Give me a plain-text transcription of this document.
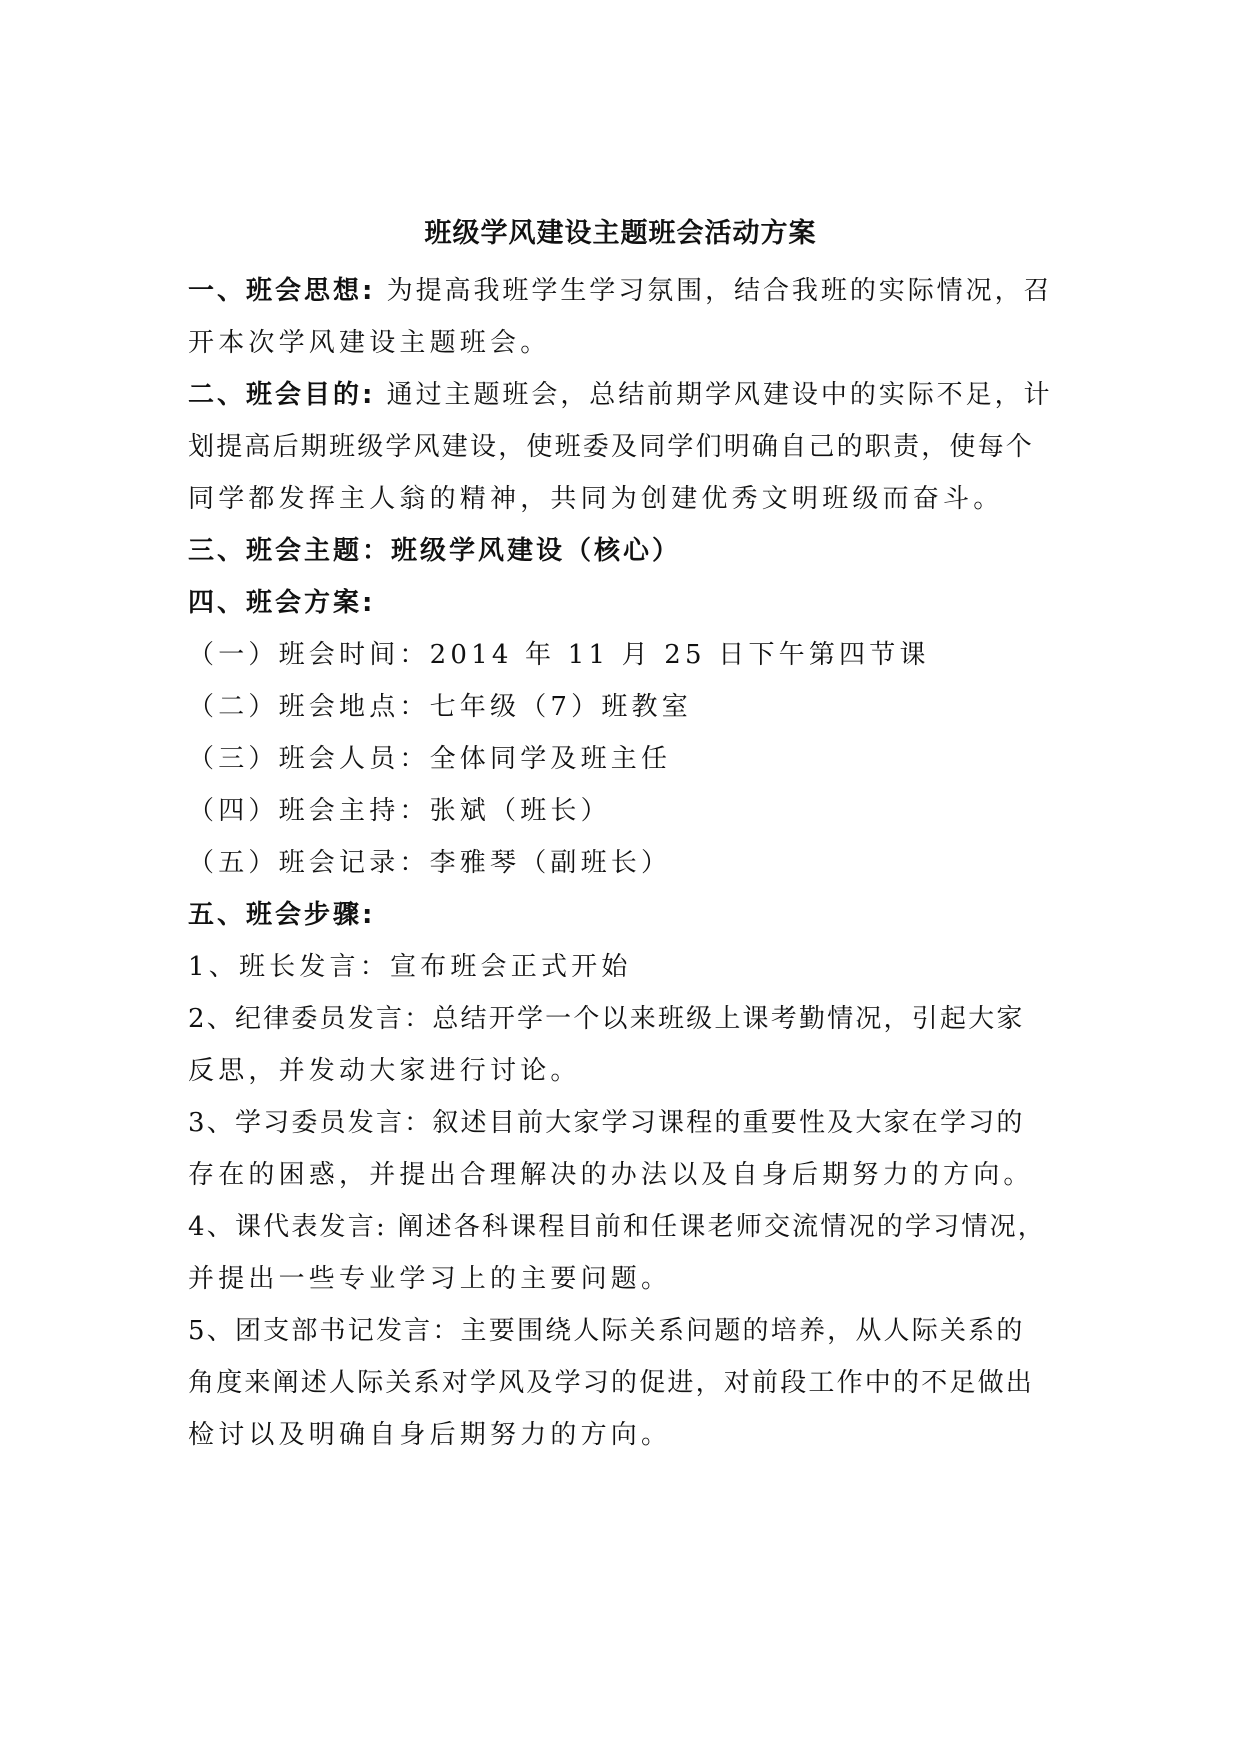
班级学风建设主题班会活动方案
一、班会思想: 为提高我班学生学习氛围，结合我班的实际情况，召
开本次学风建设主题班会。
二、班会目的: 通过主题班会，总结前期学风建设中的实际不足，计
划提高后期班级学风建设，使班委及同学们明确自己的职责，使每个
同学都发挥主人翁的精神，共同为创建优秀文明班级而奋斗。
三、班会主题：班级学风建设（核心）
四、班会方案:
（一）班会时间：2014 年 11 月 25 日下午第四节课
（二）班会地点：七年级（7）班教室
（三）班会人员：全体同学及班主任
（四）班会主持：张斌（班长）
（五）班会记录：李雅琴（副班长）
五、班会步骤:
1、班长发言：宣布班会正式开始
2、纪律委员发言：总结开学一个以来班级上课考勤情况，引起大家
反思，并发动大家进行讨论。
3、学习委员发言：叙述目前大家学习课程的重要性及大家在学习的
存在的困惑，并提出合理解决的办法以及自身后期努力的方向。
4、课代表发言: 阐述各科课程目前和任课老师交流情况的学习情况，
并提出一些专业学习上的主要问题。
5、团支部书记发言：主要围绕人际关系问题的培养，从人际关系的
角度来阐述人际关系对学风及学习的促进，对前段工作中的不足做出
检讨以及明确自身后期努力的方向。
